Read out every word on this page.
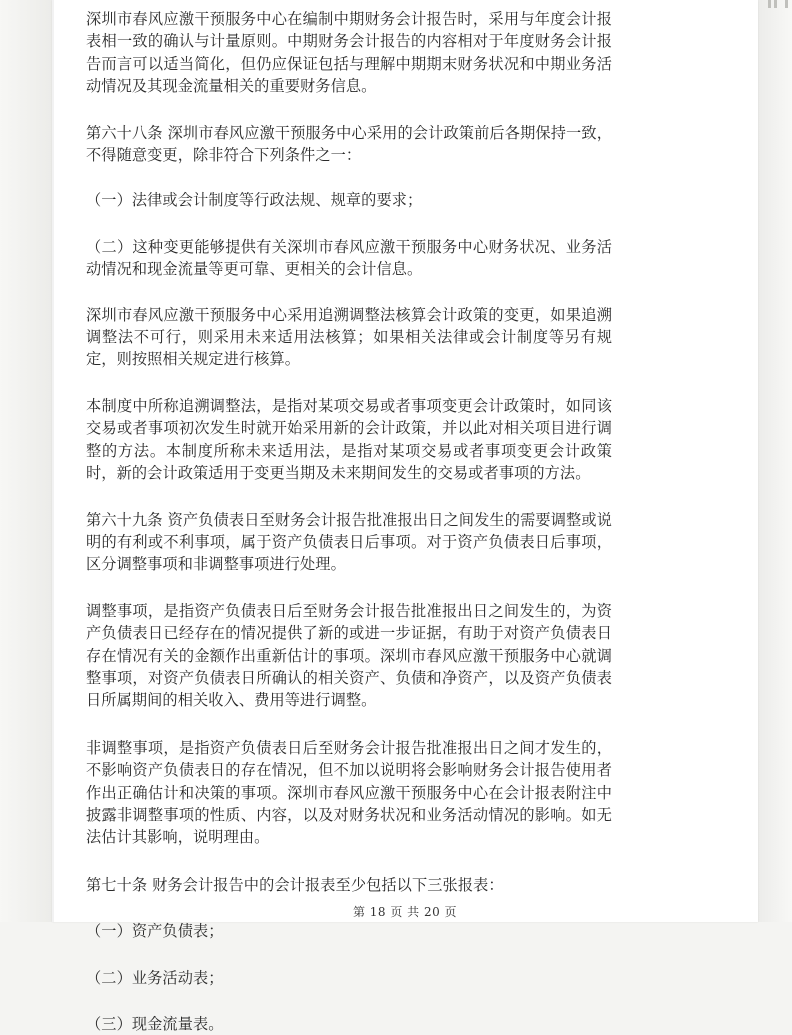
深圳市春风应激干预服务中心在编制中期财务会计报告时，采用与年度会计报表相一致的确认与计量原则。中期财务会计报告的内容相对于年度财务会计报告而言可以适当简化，但仍应保证包括与理解中期期末财务状况和中期业务活动情况及其现金流量相关的重要财务信息。

第六十八条 深圳市春风应激干预服务中心采用的会计政策前后各期保持一致，不得随意变更，除非符合下列条件之一：

（一）法律或会计制度等行政法规、规章的要求；

（二）这种变更能够提供有关深圳市春风应激干预服务中心财务状况、业务活动情况和现金流量等更可靠、更相关的会计信息。

深圳市春风应激干预服务中心采用追溯调整法核算会计政策的变更，如果追溯调整法不可行，则采用未来适用法核算；如果相关法律或会计制度等另有规定，则按照相关规定进行核算。

本制度中所称追溯调整法，是指对某项交易或者事项变更会计政策时，如同该交易或者事项初次发生时就开始采用新的会计政策，并以此对相关项目进行调整的方法。本制度所称未来适用法，是指对某项交易或者事项变更会计政策时，新的会计政策适用于变更当期及未来期间发生的交易或者事项的方法。

第六十九条 资产负债表日至财务会计报告批准报出日之间发生的需要调整或说明的有利或不利事项，属于资产负债表日后事项。对于资产负债表日后事项，区分调整事项和非调整事项进行处理。

调整事项，是指资产负债表日后至财务会计报告批准报出日之间发生的，为资产负债表日已经存在的情况提供了新的或进一步证据，有助于对资产负债表日存在情况有关的金额作出重新估计的事项。深圳市春风应激干预服务中心就调整事项，对资产负债表日所确认的相关资产、负债和净资产，以及资产负债表日所属期间的相关收入、费用等进行调整。

非调整事项，是指资产负债表日后至财务会计报告批准报出日之间才发生的，不影响资产负债表日的存在情况，但不加以说明将会影响财务会计报告使用者作出正确估计和决策的事项。深圳市春风应激干预服务中心在会计报表附注中披露非调整事项的性质、内容，以及对财务状况和业务活动情况的影响。如无法估计其影响，说明理由。

第七十条 财务会计报告中的会计报表至少包括以下三张报表：

（一）资产负债表；

（二）业务活动表；

（三）现金流量表。

第 18 页 共 20 页
